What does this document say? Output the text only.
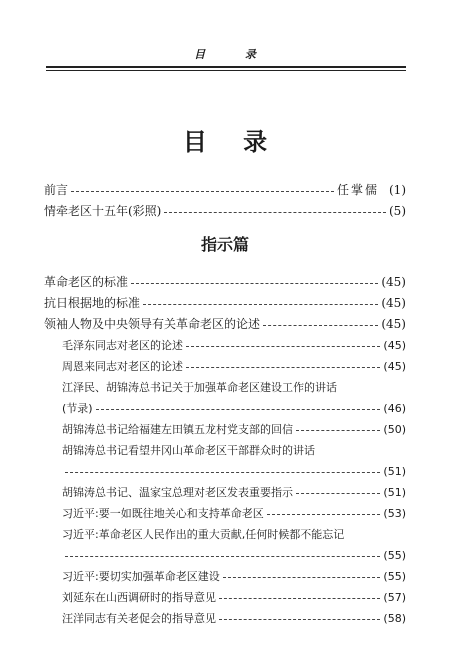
目 录
目 录
前言	任掌儒 (1)
情牵老区十五年(彩照)	(5)
指示篇
革命老区的标准	(45)
抗日根据地的标准	(45)
领袖人物及中央领导有关革命老区的论述	(45)
毛泽东同志对老区的论述	(45)
周恩来同志对老区的论述	(45)
江泽民、胡锦涛总书记关于加强革命老区建设工作的讲话
(节录)	(46)
胡锦涛总书记给福建左田镇五龙村党支部的回信	(50)
胡锦涛总书记看望井冈山革命老区干部群众时的讲话
(51)
胡锦涛总书记、温家宝总理对老区发表重要指示	(51)
习近平:要一如既往地关心和支持革命老区	(53)
习近平:革命老区人民作出的重大贡献,任何时候都不能忘记
(55)
习近平:要切实加强革命老区建设	(55)
刘延东在山西调研时的指导意见	(57)
汪洋同志有关老促会的指导意见	(58)
